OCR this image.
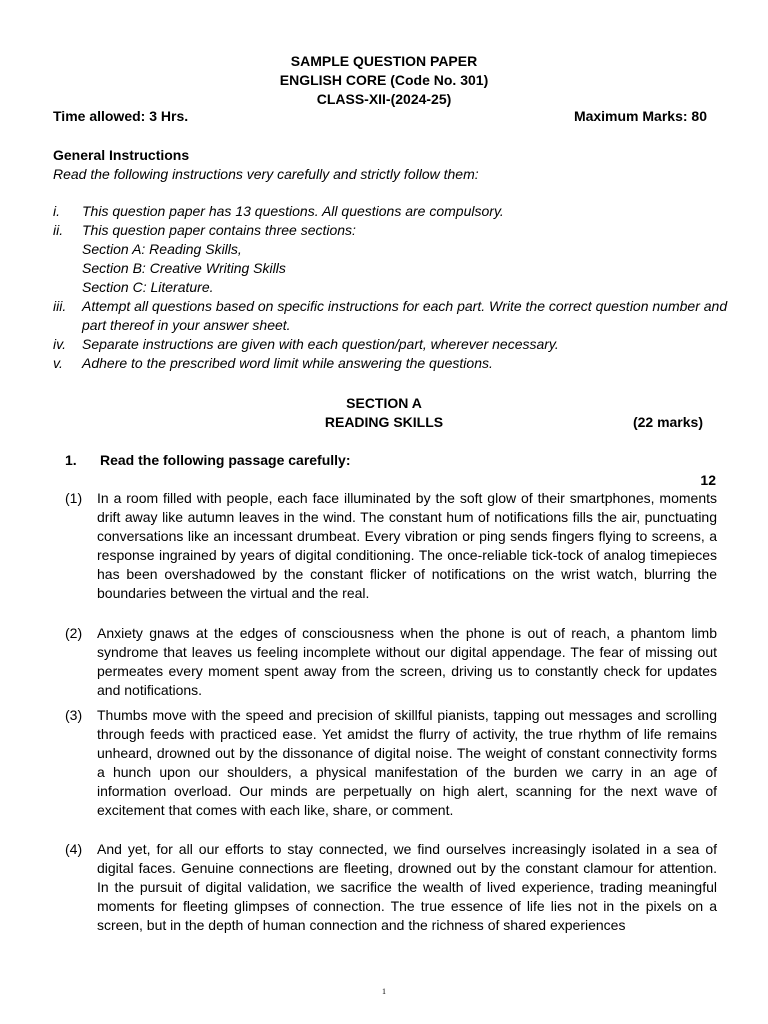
SAMPLE QUESTION PAPER
ENGLISH CORE (Code No. 301)
CLASS-XII-(2024-25)
Time allowed: 3 Hrs.	Maximum Marks: 80
General Instructions
Read the following instructions very carefully and strictly follow them:
i.	This question paper has 13 questions. All questions are compulsory.
ii.	This question paper contains three sections:
Section A: Reading Skills,
Section B: Creative Writing Skills
Section C: Literature.
iii.	Attempt all questions based on specific instructions for each part. Write the correct question number and part thereof in your answer sheet.
iv.	Separate instructions are given with each question/part, wherever necessary.
v.	Adhere to the prescribed word limit while answering the questions.
SECTION A
READING SKILLS	(22 marks)
1.	Read the following passage carefully:
12
(1)	In a room filled with people, each face illuminated by the soft glow of their smartphones, moments drift away like autumn leaves in the wind. The constant hum of notifications fills the air, punctuating conversations like an incessant drumbeat. Every vibration or ping sends fingers flying to screens, a response ingrained by years of digital conditioning. The once-reliable tick-tock of analog timepieces has been overshadowed by the constant flicker of notifications on the wrist watch, blurring the boundaries between the virtual and the real.
(2)	Anxiety gnaws at the edges of consciousness when the phone is out of reach, a phantom limb syndrome that leaves us feeling incomplete without our digital appendage. The fear of missing out permeates every moment spent away from the screen, driving us to constantly check for updates and notifications.
(3)	Thumbs move with the speed and precision of skillful pianists, tapping out messages and scrolling through feeds with practiced ease. Yet amidst the flurry of activity, the true rhythm of life remains unheard, drowned out by the dissonance of digital noise. The weight of constant connectivity forms a hunch upon our shoulders, a physical manifestation of the burden we carry in an age of information overload. Our minds are perpetually on high alert, scanning for the next wave of excitement that comes with each like, share, or comment.
(4)	And yet, for all our efforts to stay connected, we find ourselves increasingly isolated in a sea of digital faces. Genuine connections are fleeting, drowned out by the constant clamour for attention. In the pursuit of digital validation, we sacrifice the wealth of lived experience, trading meaningful moments for fleeting glimpses of connection. The true essence of life lies not in the pixels on a screen, but in the depth of human connection and the richness of shared experiences
1
